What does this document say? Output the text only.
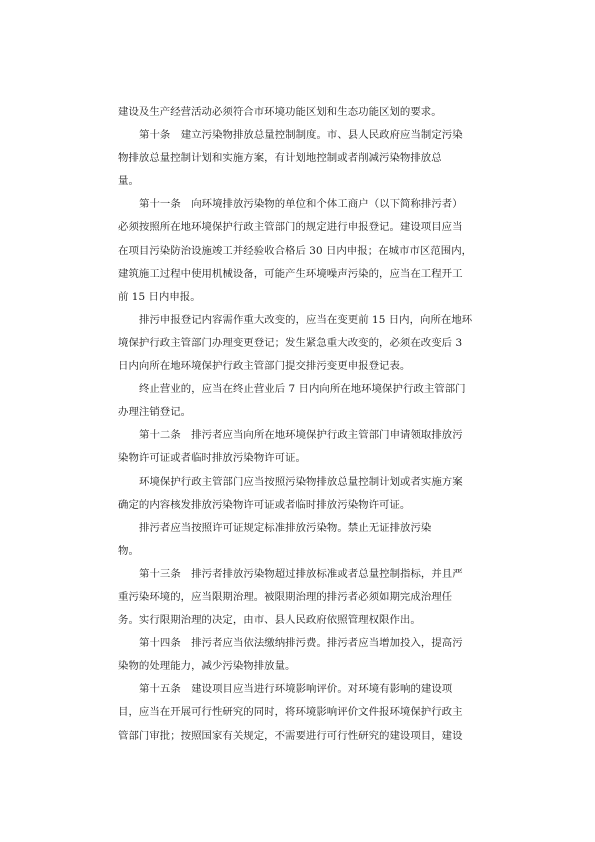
建设及生产经营活动必须符合市环境功能区划和生态功能区划的要求。
第十条　建立污染物排放总量控制制度。市、县人民政府应当制定污染
物排放总量控制计划和实施方案，有计划地控制或者削减污染物排放总
量。
第十一条　向环境排放污染物的单位和个体工商户（以下简称排污者）
必须按照所在地环境保护行政主管部门的规定进行申报登记。建设项目应当
在项目污染防治设施竣工并经验收合格后 30 日内申报；在城市市区范围内，
建筑施工过程中使用机械设备，可能产生环境噪声污染的，应当在工程开工
前 15 日内申报。
排污申报登记内容需作重大改变的，应当在变更前 15 日内，向所在地环
境保护行政主管部门办理变更登记；发生紧急重大改变的，必须在改变后 3
日内向所在地环境保护行政主管部门提交排污变更申报登记表。
终止营业的，应当在终止营业后 7 日内向所在地环境保护行政主管部门
办理注销登记。
第十二条　排污者应当向所在地环境保护行政主管部门申请领取排放污
染物许可证或者临时排放污染物许可证。
环境保护行政主管部门应当按照污染物排放总量控制计划或者实施方案
确定的内容核发排放污染物许可证或者临时排放污染物许可证。
排污者应当按照许可证规定标准排放污染物。禁止无证排放污染
物。
第十三条　排污者排放污染物超过排放标准或者总量控制指标，并且严
重污染环境的，应当限期治理。被限期治理的排污者必须如期完成治理任
务。实行限期治理的决定，由市、县人民政府依照管理权限作出。
第十四条　排污者应当依法缴纳排污费。排污者应当增加投入，提高污
染物的处理能力，减少污染物排放量。
第十五条　建设项目应当进行环境影响评价。对环境有影响的建设项
目，应当在开展可行性研究的同时，将环境影响评价文件报环境保护行政主
管部门审批；按照国家有关规定，不需要进行可行性研究的建设项目，建设
